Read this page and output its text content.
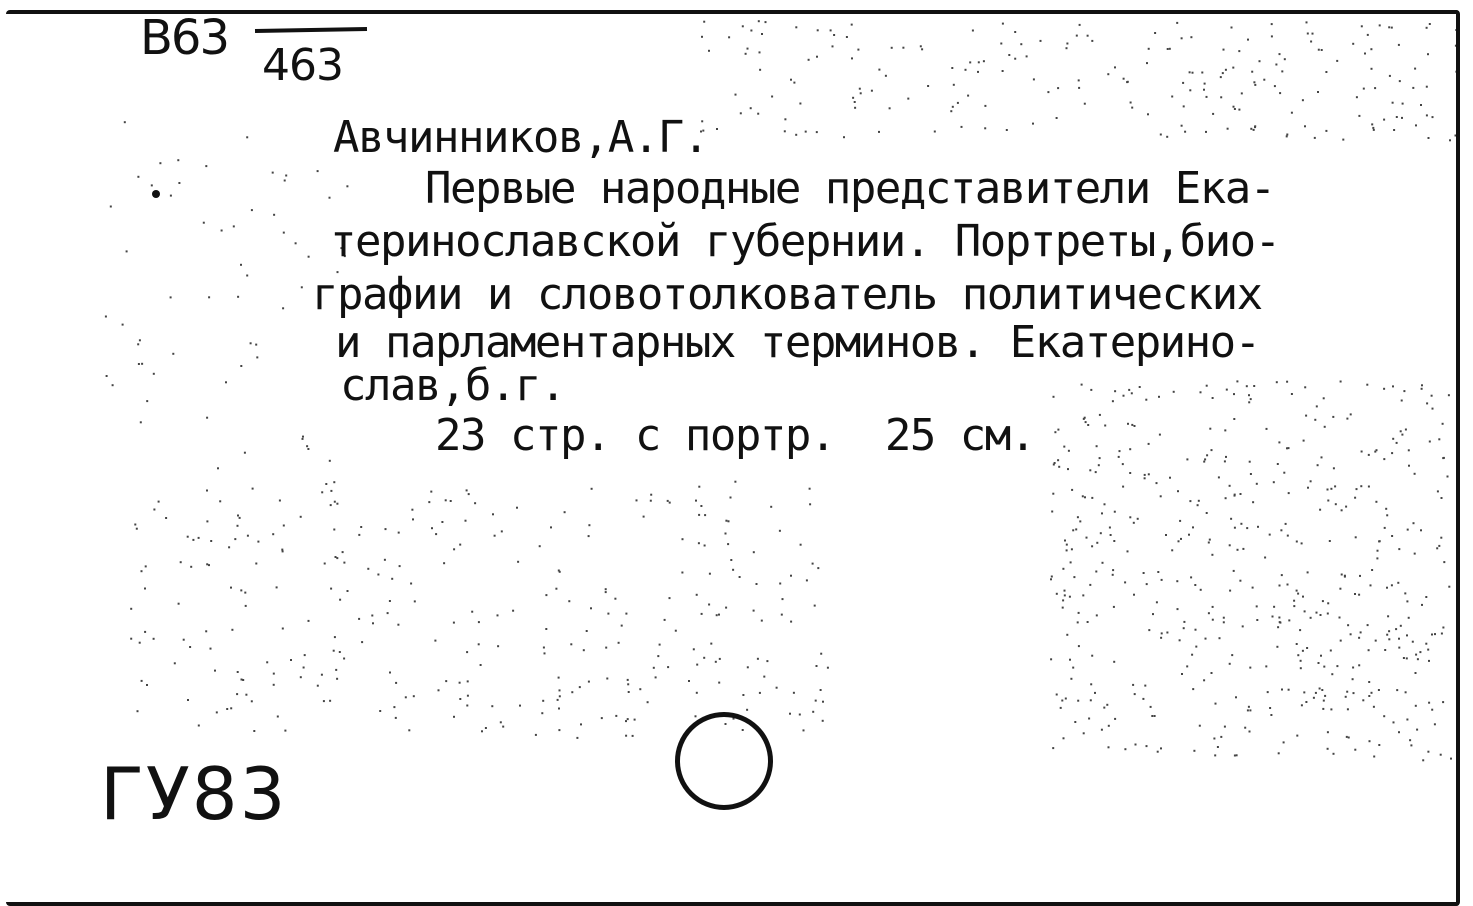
В63 463
Авчинников,А.Г.
Первые народные представители Ека-
теринославской губернии. Портреты,био-
графии и словотолкователь политических
и парламентарных терминов. Екатерино-
слав,б.г.
23 стр. с портр.  25 см.
ГУ83
